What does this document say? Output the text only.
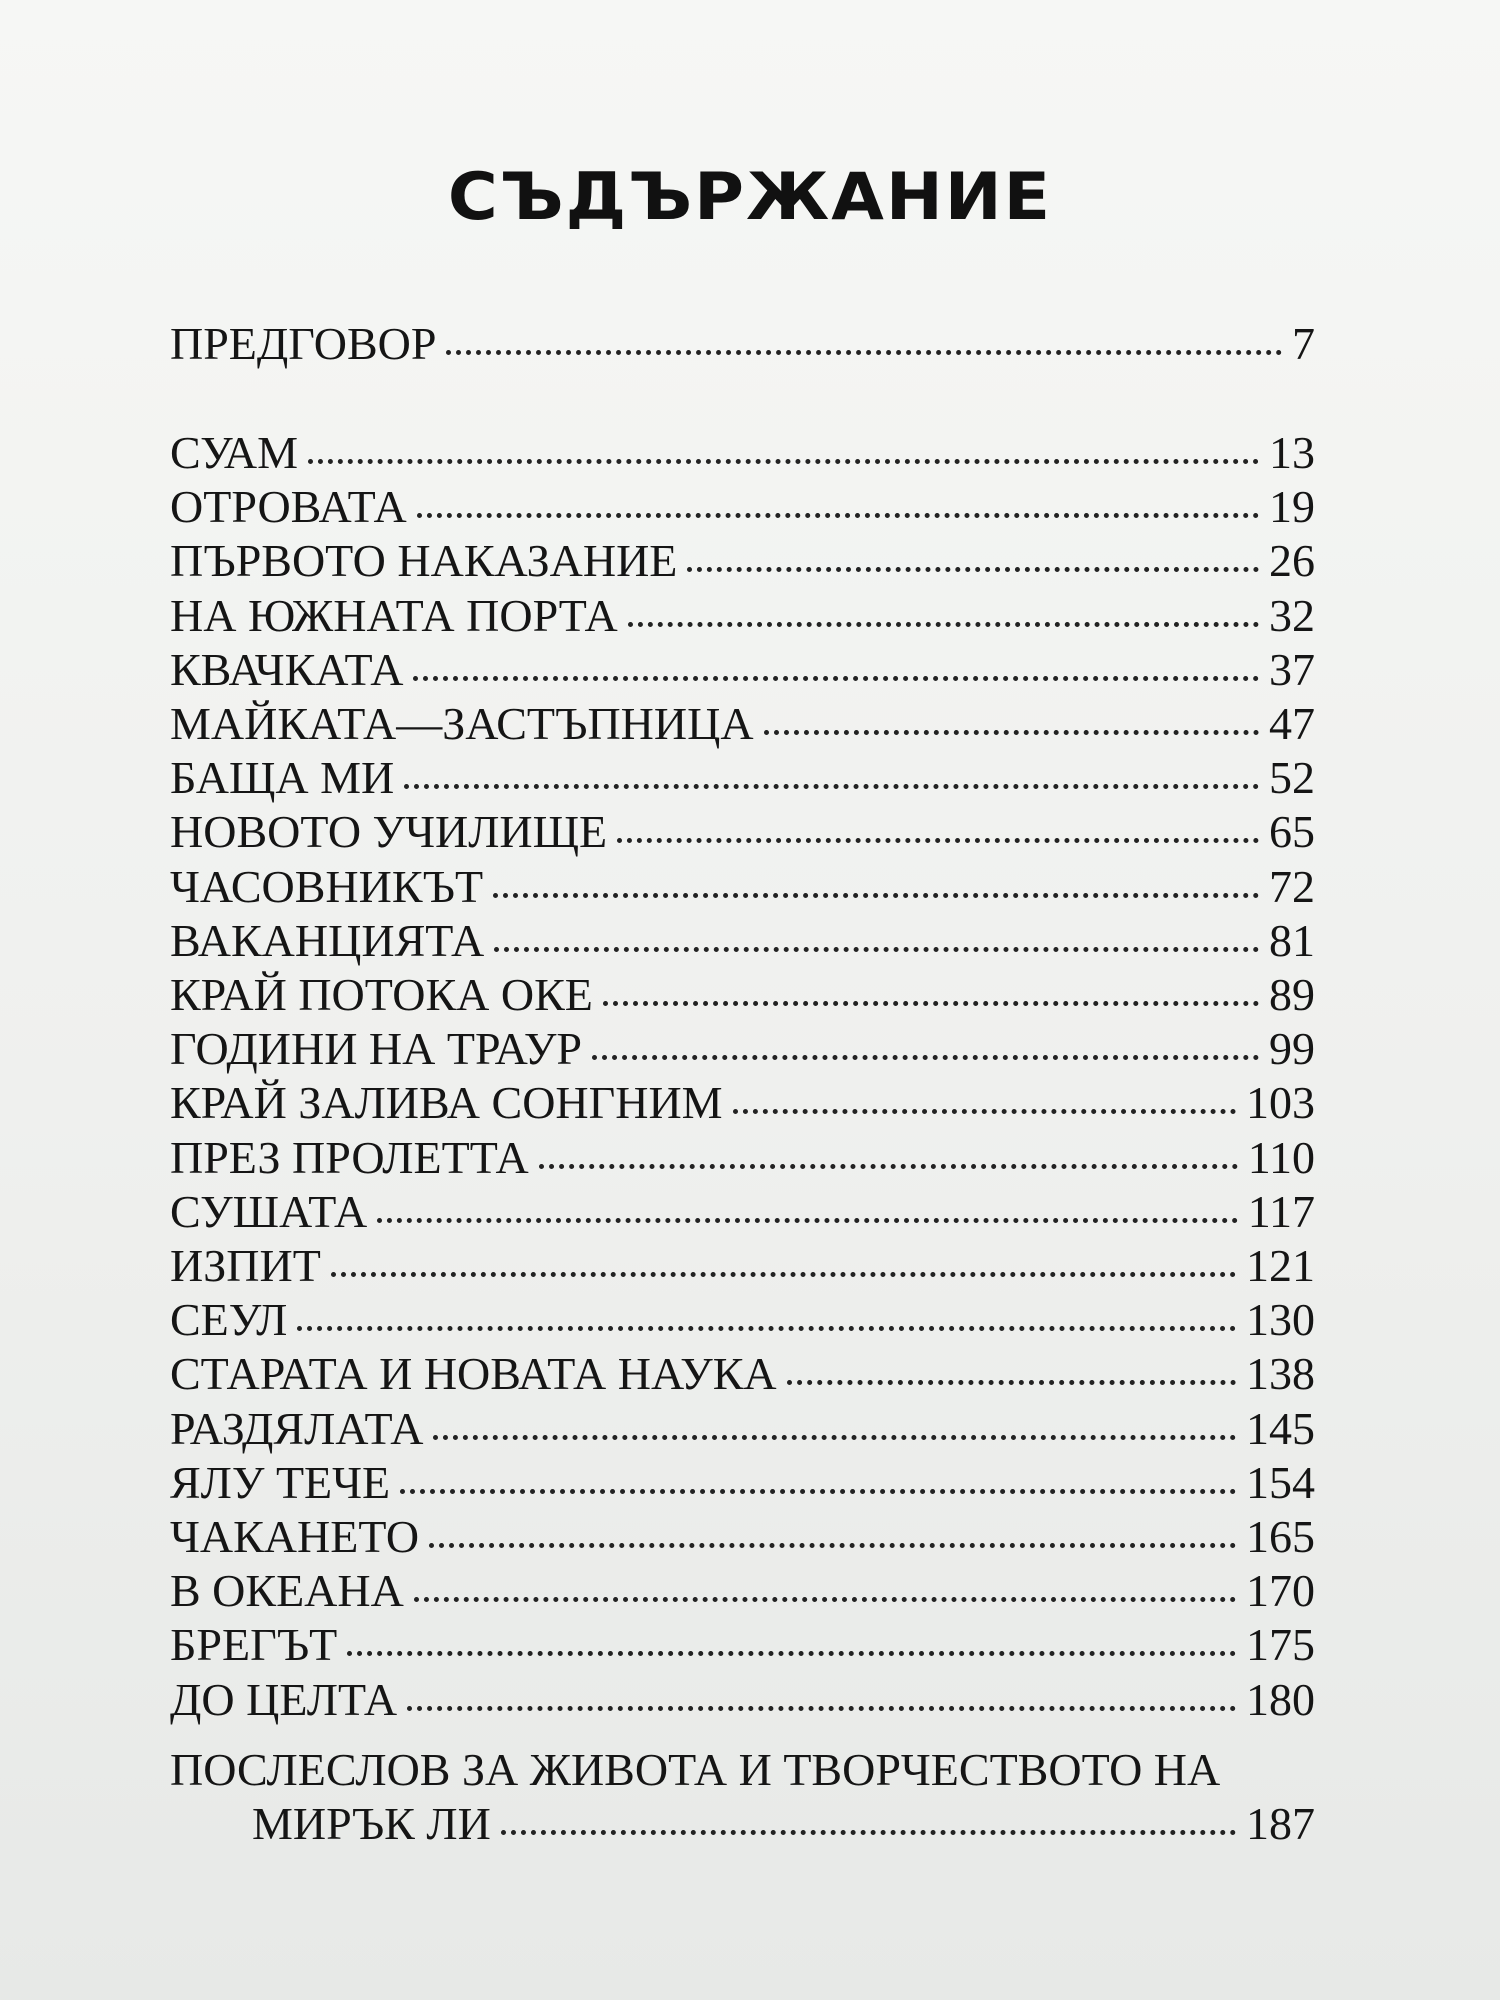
СЪДЪРЖАНИЕ
ПРЕДГОВОР	7
СУАМ	13
ОТРОВАТА	19
ПЪРВОТО НАКАЗАНИЕ	26
НА ЮЖНАТА ПОРТА	32
КВАЧКАТА	37
МАЙКАТА—ЗАСТЪПНИЦА	47
БАЩА МИ	52
НОВОТО УЧИЛИЩЕ	65
ЧАСОВНИКЪТ	72
ВАКАНЦИЯТА	81
КРАЙ ПОТОКА ОКЕ	89
ГОДИНИ НА ТРАУР	99
КРАЙ ЗАЛИВА СОНГНИМ	103
ПРЕЗ ПРОЛЕТТА	110
СУШАТА	117
ИЗПИТ	121
СЕУЛ	130
СТАРАТА И НОВАТА НАУКА	138
РАЗДЯЛАТА	145
ЯЛУ ТЕЧЕ	154
ЧАКАНЕТО	165
В ОКЕАНА	170
БРЕГЪТ	175
ДО ЦЕЛТА	180
ПОСЛЕСЛОВ ЗА ЖИВОТА И ТВОРЧЕСТВОТО НА
МИРЪК ЛИ	187
